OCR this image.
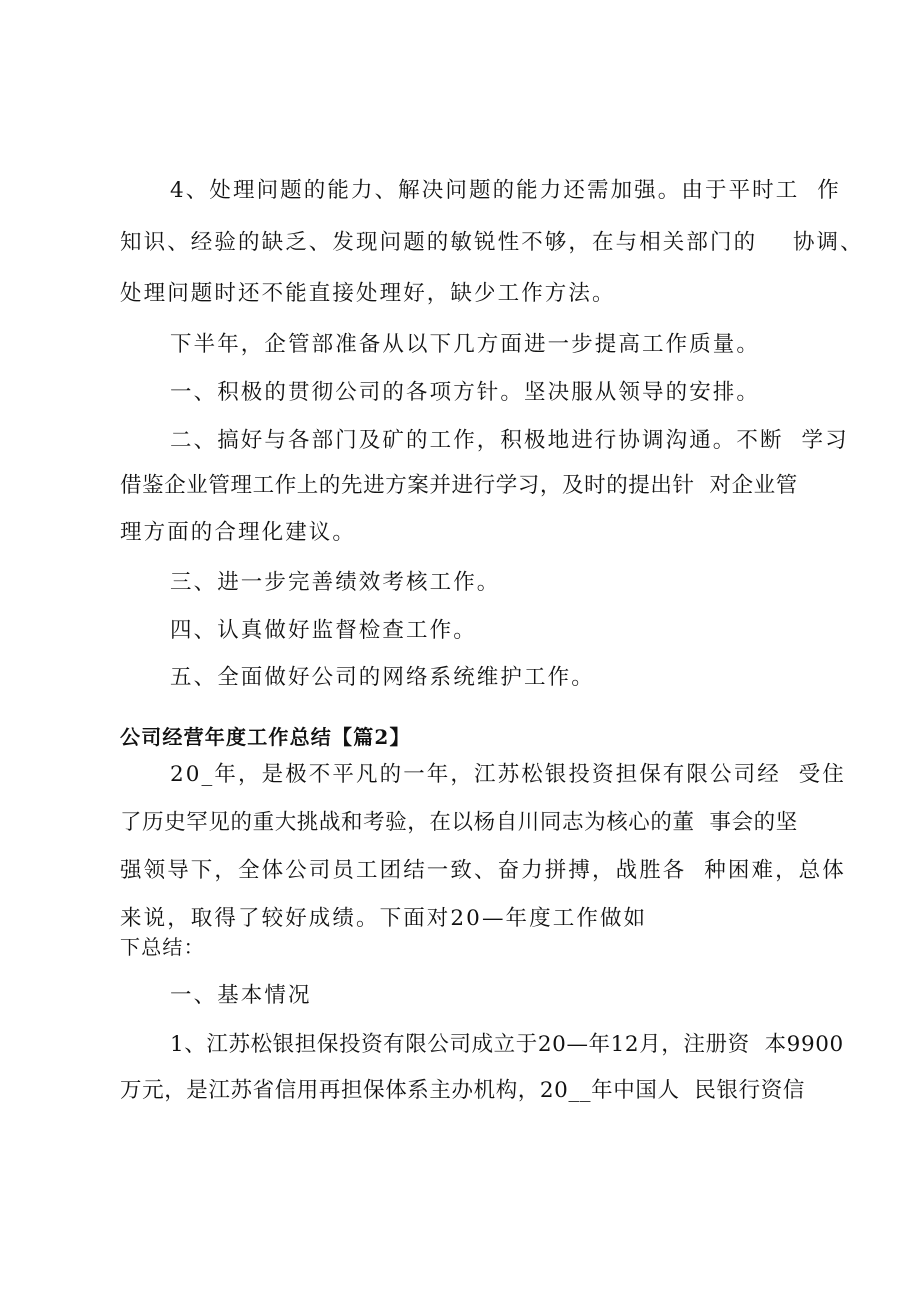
4、处理问题的能力、解决问题的能力还需加强。由于平时工  作

知识、经验的缺乏、发现问题的敏锐性不够，在与相关部门的    协调、

处理问题时还不能直接处理好，缺少工作方法。

下半年，企管部准备从以下几方面进一步提高工作质量。

一、积极的贯彻公司的各项方针。坚决服从领导的安排。

二、搞好与各部门及矿的工作，积极地进行协调沟通。不断  学习

借鉴企业管理工作上的先进方案并进行学习，及时的提出针  对企业管

理方面的合理化建议。

三、进一步完善绩效考核工作。

四、认真做好监督检查工作。

五、全面做好公司的网络系统维护工作。

公司经营年度工作总结【篇2】

20_年，是极不平凡的一年，江苏松银投资担保有限公司经  受住

了历史罕见的重大挑战和考验，在以杨自川同志为核心的董  事会的坚

强领导下，全体公司员工团结一致、奋力拼搏，战胜各  种困难，总体

来说，取得了较好成绩。下面对20—年度工作做如

下总结：

一、基本情况

1、江苏松银担保投资有限公司成立于20—年12月，注册资  本9900

万元，是江苏省信用再担保体系主办机构，20__年中国人  民银行资信
